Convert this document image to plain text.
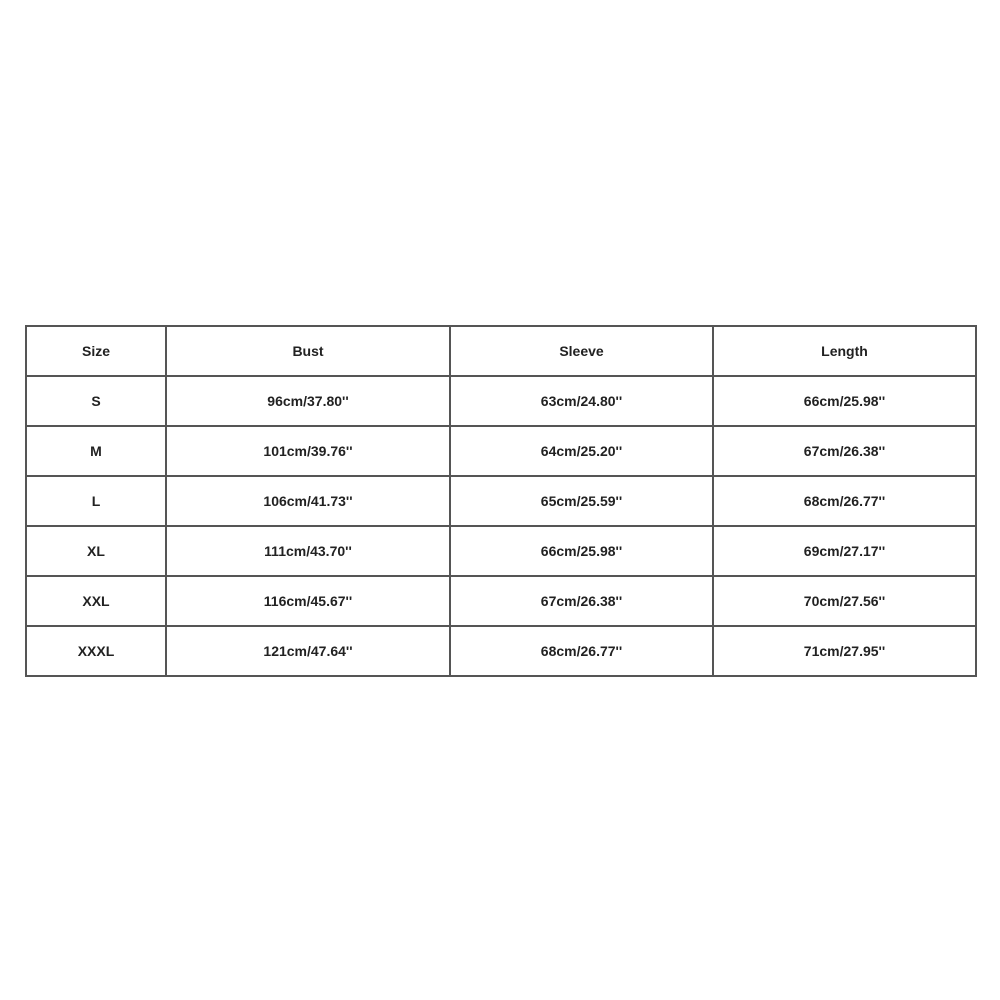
Size	Bust	Sleeve	Length
S	96cm/37.80''	63cm/24.80''	66cm/25.98''
M	101cm/39.76''	64cm/25.20''	67cm/26.38''
L	106cm/41.73''	65cm/25.59''	68cm/26.77''
XL	111cm/43.70''	66cm/25.98''	69cm/27.17''
XXL	116cm/45.67''	67cm/26.38''	70cm/27.56''
XXXL	121cm/47.64''	68cm/26.77''	71cm/27.95''
